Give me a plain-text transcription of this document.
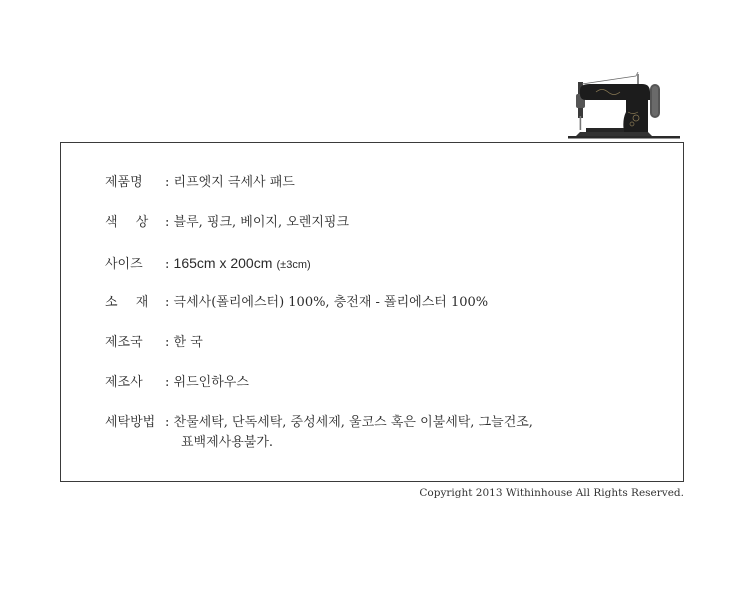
제품명 : 리프엣지 극세사 패드
색 상 : 블루, 핑크, 베이지, 오렌지핑크
사이즈 : 165cm x 200cm (±3cm)
소 재 : 극세사(폴리에스터) 100%, 충전재 - 폴리에스터 100%
제조국 : 한 국
제조사 : 위드인하우스
세탁방법 : 찬물세탁, 단독세탁, 중성세제, 울코스 혹은 이불세탁, 그늘건조,
표백제사용불가.
Copyright 2013 Withinhouse All Rights Reserved.
